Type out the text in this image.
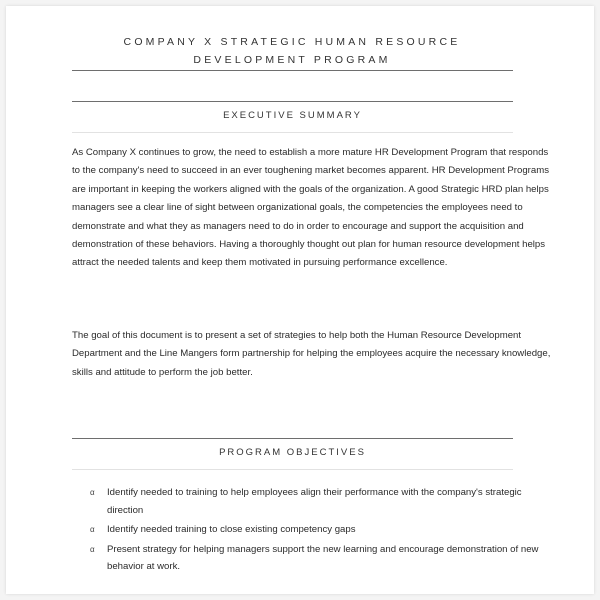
COMPANY X STRATEGIC HUMAN RESOURCE
DEVELOPMENT PROGRAM
EXECUTIVE SUMMARY

As Company X continues to grow, the need to establish a more mature HR Development Program that responds to the company's need to succeed in an ever toughening market becomes apparent. HR Development Programs are important in keeping the workers aligned with the goals of the organization. A good Strategic HRD plan helps managers see a clear line of sight between organizational goals, the competencies the employees need to demonstrate and what they as managers need to do in order to encourage and support the acquisition and demonstration of these behaviors. Having a thoroughly thought out plan for human resource development helps attract the needed talents and keep them motivated in pursuing performance excellence.

The goal of this document is to present a set of strategies to help both the Human Resource Development Department and the Line Mangers form partnership for helping the employees acquire the necessary knowledge, skills and attitude to perform the job better.

PROGRAM OBJECTIVES
α Identify needed to training to help employees align their performance with the company's strategic direction
α Identify needed training to close existing competency gaps
α Present strategy for helping managers support the new learning and encourage demonstration of new behavior at work.
